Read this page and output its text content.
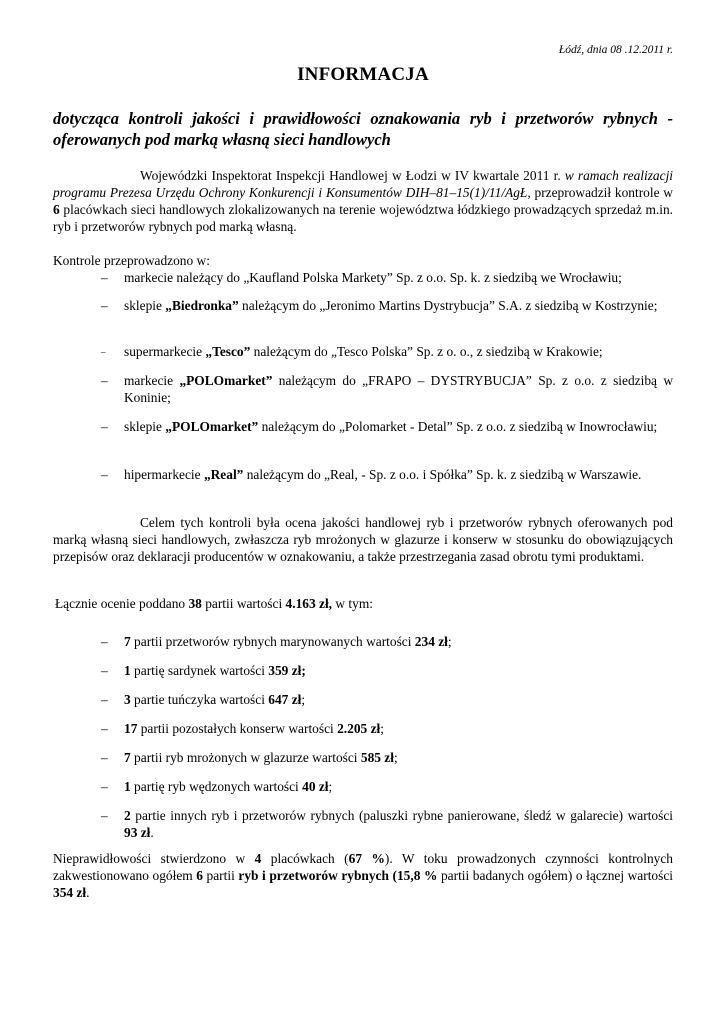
Łódź, dnia 08 .12.2011 r.
INFORMACJA
dotycząca kontroli jakości i prawidłowości oznakowania ryb i przetworów rybnych - oferowanych pod marką własną sieci handlowych
Wojewódzki Inspektorat Inspekcji Handlowej w Łodzi w IV kwartale 2011 r. w ramach realizacji programu Prezesa Urzędu Ochrony Konkurencji i Konsumentów DIH–81–15(1)/11/AgŁ, przeprowadził kontrole w 6 placówkach sieci handlowych zlokalizowanych na terenie województwa łódzkiego prowadzących sprzedaż m.in. ryb i przetworów rybnych pod marką własną.
Kontrole przeprowadzono w:
– markecie należący do „Kaufland Polska Markety” Sp. z o.o. Sp. k. z siedzibą we Wrocławiu;
– sklepie „Biedronka” należącym do „Jeronimo Martins Dystrybucja” S.A. z siedzibą w Kostrzynie;
– supermarkecie „Tesco” należącym do „Tesco Polska” Sp. z o. o., z siedzibą w Krakowie;
– markecie „POLOmarket” należącym do „FRAPO – DYSTRYBUCJA” Sp. z o.o. z siedzibą w Koninie;
– sklepie „POLOmarket” należącym do „Polomarket - Detal” Sp. z o.o. z siedzibą w Inowrocławiu;
– hipermarkecie „Real” należącym do „Real, - Sp. z o.o. i Spółka” Sp. k. z siedzibą w Warszawie.
Celem tych kontroli była ocena jakości handlowej ryb i przetworów rybnych oferowanych pod marką własną sieci handlowych, zwłaszcza ryb mrożonych w glazurze i konserw w stosunku do obowiązujących przepisów oraz deklaracji producentów w oznakowaniu, a także przestrzegania zasad obrotu tymi produktami.
Łącznie ocenie poddano 38 partii wartości 4.163 zł, w tym:
– 7 partii przetworów rybnych marynowanych wartości 234 zł;
– 1 partię sardynek wartości 359 zł;
– 3 partie tuńczyka wartości 647 zł;
– 17 partii pozostałych konserw wartości 2.205 zł;
– 7 partii ryb mrożonych w glazurze wartości 585 zł;
– 1 partię ryb wędzonych wartości 40 zł;
– 2 partie innych ryb i przetworów rybnych (paluszki rybne panierowane, śledź w galarecie) wartości 93 zł.
Nieprawidłowości stwierdzono w 4 placówkach (67 %). W toku prowadzonych czynności kontrolnych zakwestionowano ogółem 6 partii ryb i przetworów rybnych (15,8 % partii badanych ogółem) o łącznej wartości 354 zł.
